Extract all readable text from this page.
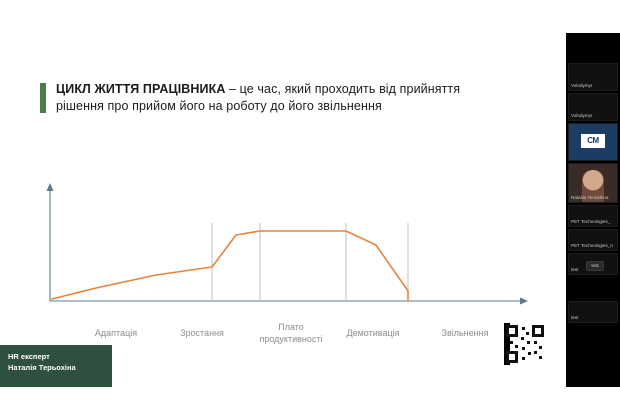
ЦИКЛ ЖИТТЯ ПРАЦІВНИКА – це час, який проходить від прийняття рішення про прийом його на роботу до його звільнення
Адаптація	Зростання
Плато продуктивності
Демотивація	Звільнення
HR експерт
Наталія Терьохіна
Volodymyr
Volodymyr
CM
Nataliia Teriokhina
PET Technologies_
PET Technologies_n
test
test
test
